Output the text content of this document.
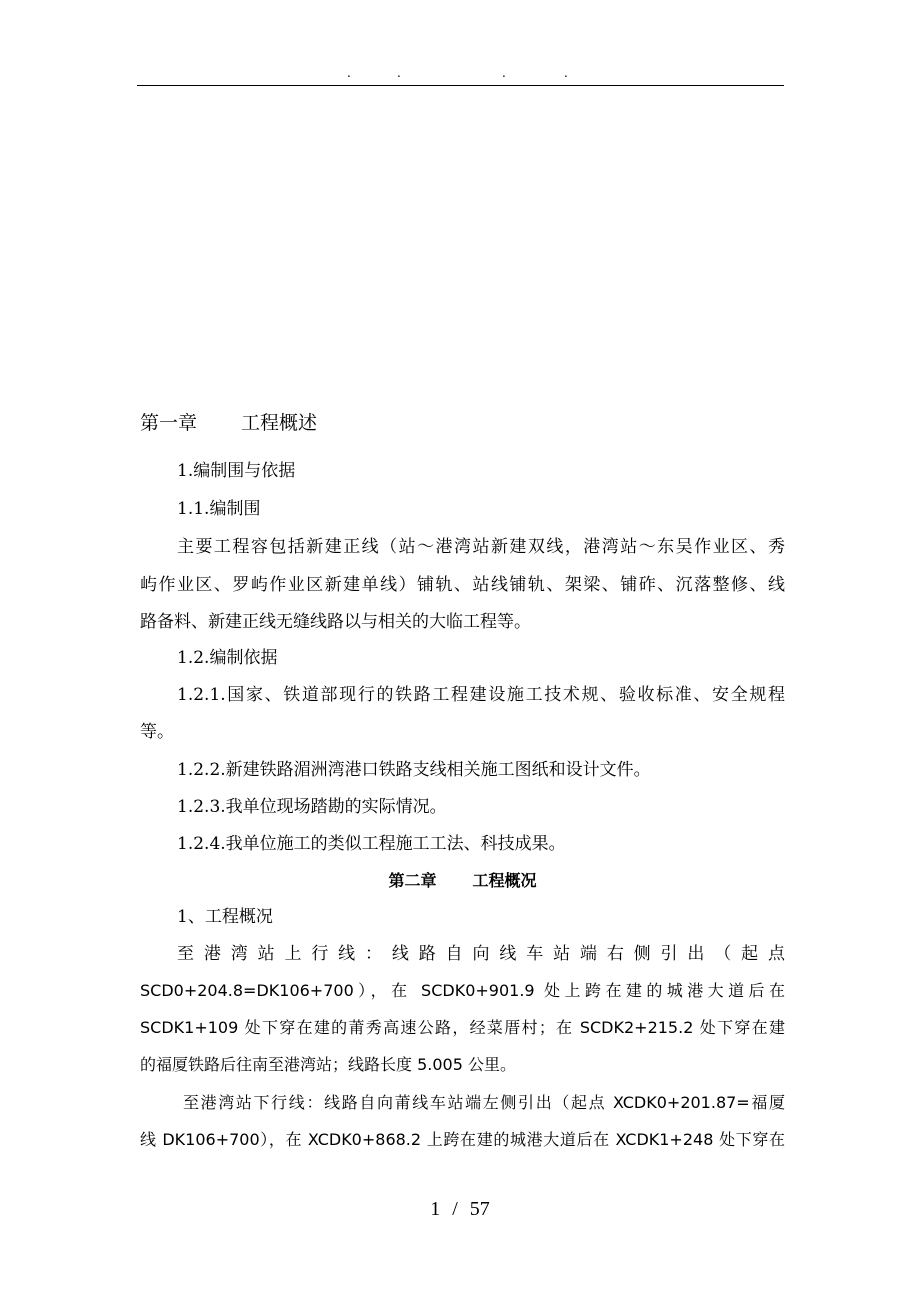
.

	.

	.

	.

第一章 工程概述
1.编制围与依据
1.1.编制围
主要工程容包括新建正线（站～港湾站新建双线，港湾站～东吴作业区、秀
屿作业区、罗屿作业区新建单线）铺轨、站线铺轨、架梁、铺砟、沉落整修、线
路备料、新建正线无缝线路以与相关的大临工程等。
1.2.编制依据
1.2.1.国家、铁道部现行的铁路工程建设施工技术规、验收标准、安全规程
等。
1.2.2.新建铁路湄洲湾港口铁路支线相关施工图纸和设计文件。
1.2.3.我单位现场踏勘的实际情况。
1.2.4.我单位施工的类似工程施工工法、科技成果。
第二章 工程概况
1、工程概况
至港湾站上行线：线路自向线车站端右侧引出（起点
SCD0+204.8=DK106+700），在 SCDK0+901.9 处上跨在建的城港大道后在
SCDK1+109 处下穿在建的莆秀高速公路，经菜厝村；在 SCDK2+215.2 处下穿在建
的福厦铁路后往南至港湾站；线路长度 5.005 公里。
至港湾站下行线：线路自向莆线车站端左侧引出（起点 XCDK0+201.87=福厦
线 DK106+700），在 XCDK0+868.2 上跨在建的城港大道后在 XCDK1+248 处下穿在
1 / 57
